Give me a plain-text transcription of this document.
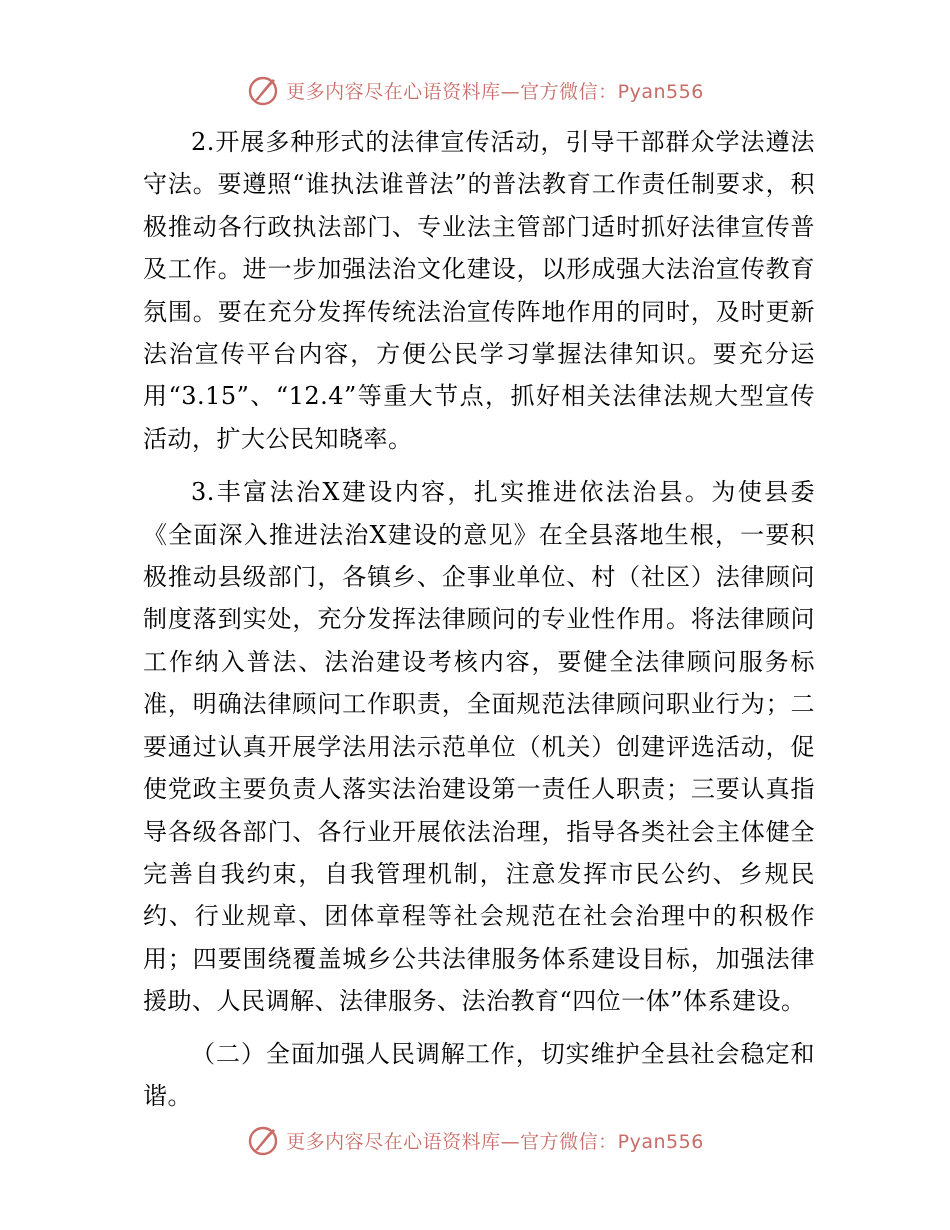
更多内容尽在心语资料库—官方微信：Pyan556

2.开展多种形式的法律宣传活动，引导干部群众学法遵法守法。要遵照“谁执法谁普法”的普法教育工作责任制要求，积极推动各行政执法部门、专业法主管部门适时抓好法律宣传普及工作。进一步加强法治文化建设，以形成强大法治宣传教育氛围。要在充分发挥传统法治宣传阵地作用的同时，及时更新法治宣传平台内容，方便公民学习掌握法律知识。要充分运用“3.15”、“12.4”等重大节点，抓好相关法律法规大型宣传活动，扩大公民知晓率。

3.丰富法治X建设内容，扎实推进依法治县。为使县委《全面深入推进法治X建设的意见》在全县落地生根，一要积极推动县级部门，各镇乡、企事业单位、村（社区）法律顾问制度落到实处，充分发挥法律顾问的专业性作用。将法律顾问工作纳入普法、法治建设考核内容，要健全法律顾问服务标准，明确法律顾问工作职责，全面规范法律顾问职业行为；二要通过认真开展学法用法示范单位（机关）创建评选活动，促使党政主要负责人落实法治建设第一责任人职责；三要认真指导各级各部门、各行业开展依法治理，指导各类社会主体健全完善自我约束，自我管理机制，注意发挥市民公约、乡规民约、行业规章、团体章程等社会规范在社会治理中的积极作用；四要围绕覆盖城乡公共法律服务体系建设目标，加强法律援助、人民调解、法律服务、法治教育“四位一体”体系建设。

（二）全面加强人民调解工作，切实维护全县社会稳定和谐。

更多内容尽在心语资料库—官方微信：Pyan556
